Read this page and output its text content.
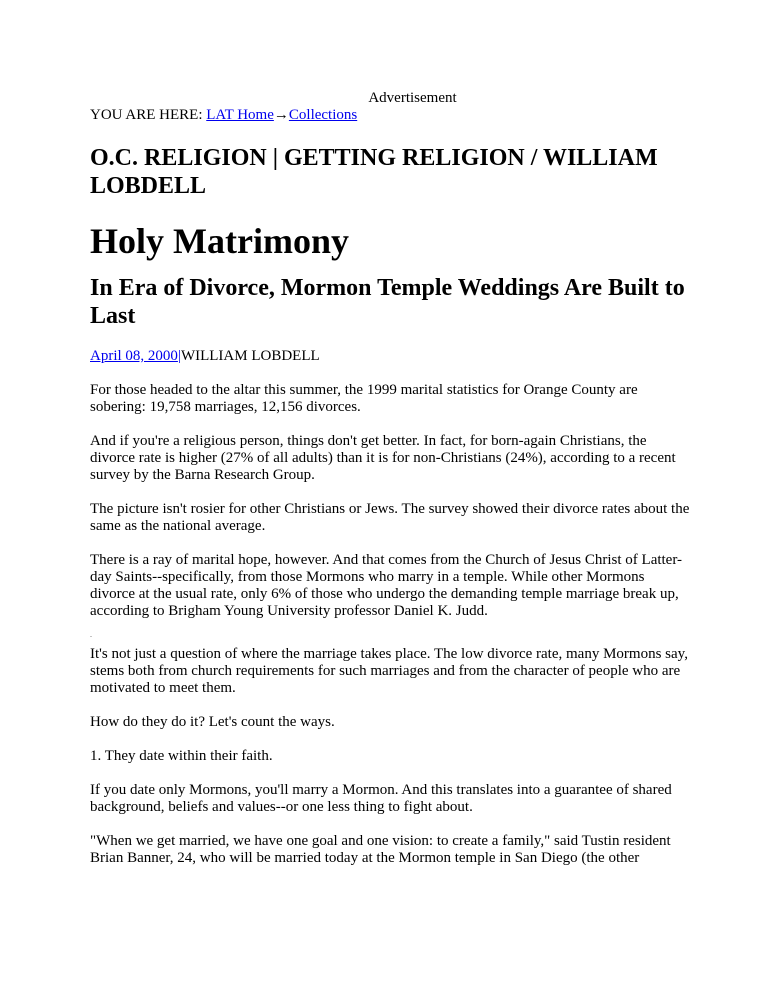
Advertisement
YOU ARE HERE: LAT Home→Collections
O.C. RELIGION | GETTING RELIGION / WILLIAM LOBDELL
Holy Matrimony
In Era of Divorce, Mormon Temple Weddings Are Built to Last
April 08, 2000|WILLIAM LOBDELL

For those headed to the altar this summer, the 1999 marital statistics for Orange County are sobering: 19,758 marriages, 12,156 divorces.

And if you're a religious person, things don't get better. In fact, for born-again Christians, the divorce rate is higher (27% of all adults) than it is for non-Christians (24%), according to a recent survey by the Barna Research Group.

The picture isn't rosier for other Christians or Jews. The survey showed their divorce rates about the same as the national average.

There is a ray of marital hope, however. And that comes from the Church of Jesus Christ of Latter-day Saints--specifically, from those Mormons who marry in a temple. While other Mormons divorce at the usual rate, only 6% of those who undergo the demanding temple marriage break up, according to Brigham Young University professor Daniel K. Judd.

.

It's not just a question of where the marriage takes place. The low divorce rate, many Mormons say, stems both from church requirements for such marriages and from the character of people who are motivated to meet them.

How do they do it? Let's count the ways.

1. They date within their faith.

If you date only Mormons, you'll marry a Mormon. And this translates into a guarantee of shared background, beliefs and values--or one less thing to fight about.

"When we get married, we have one goal and one vision: to create a family," said Tustin resident Brian Banner, 24, who will be married today at the Mormon temple in San Diego (the other
